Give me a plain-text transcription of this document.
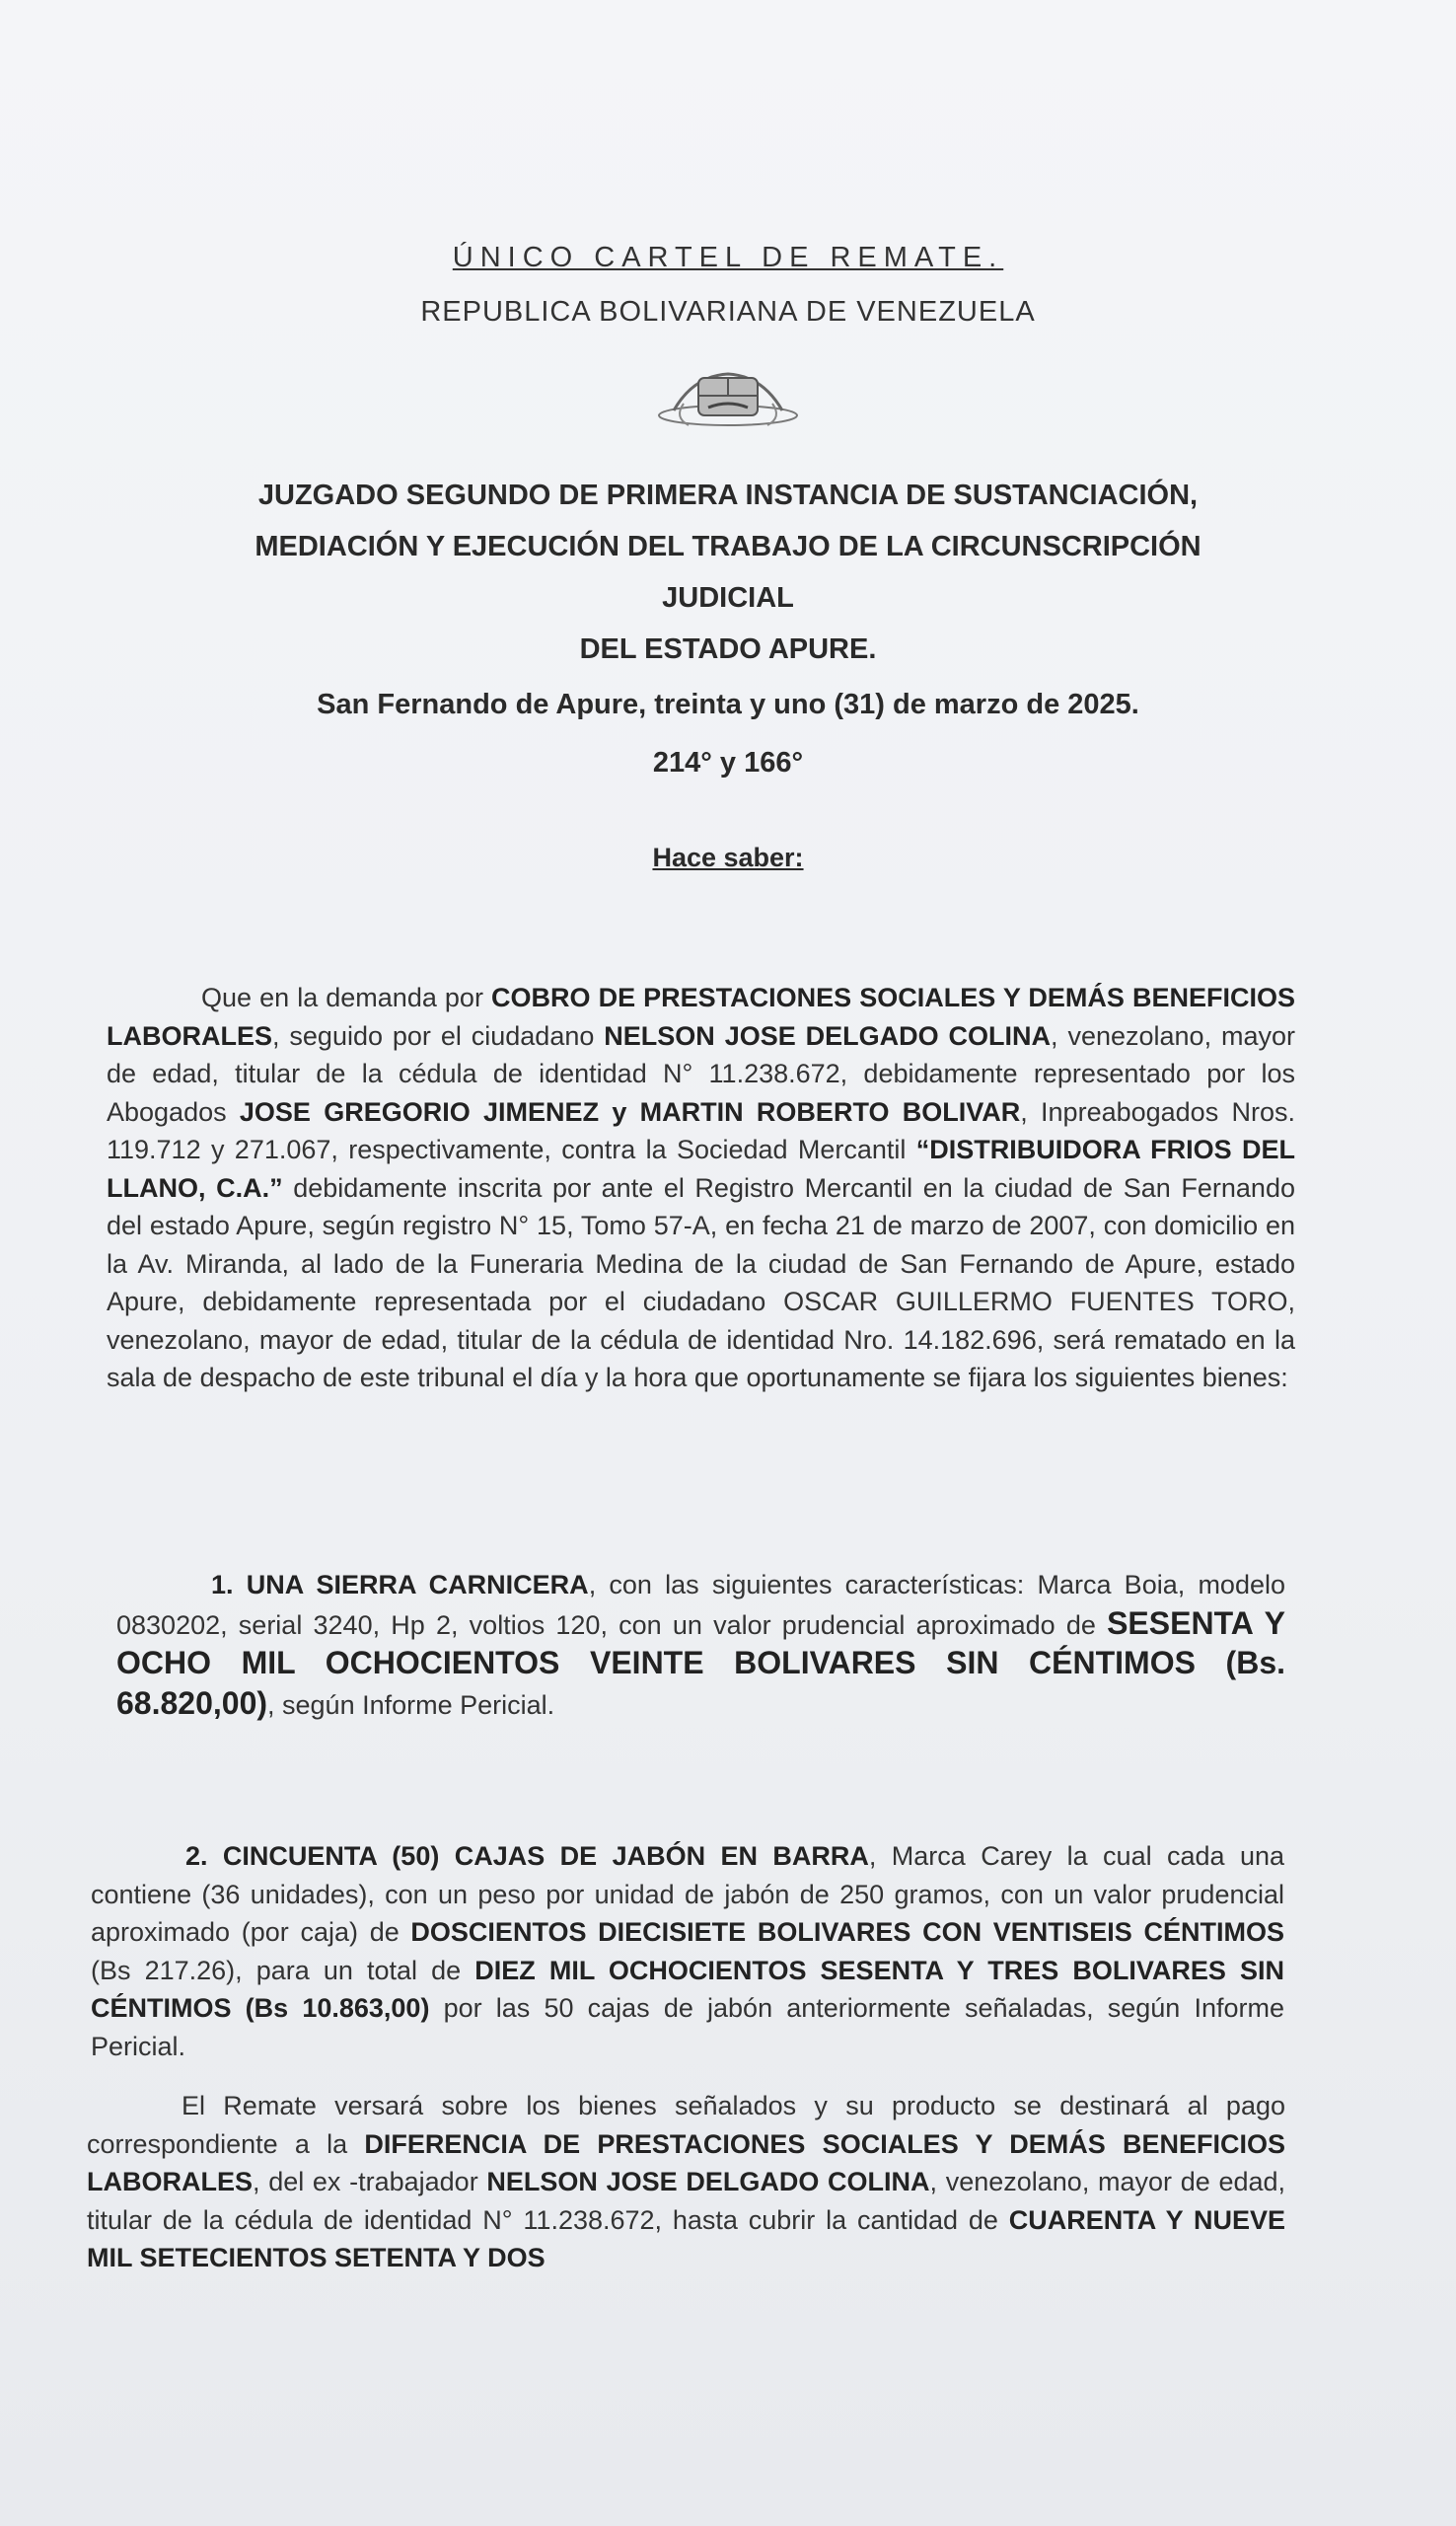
ÚNICO CARTEL DE REMATE.
REPUBLICA BOLIVARIANA DE VENEZUELA
JUZGADO SEGUNDO DE PRIMERA INSTANCIA DE SUSTANCIACIÓN,
MEDIACIÓN Y EJECUCIÓN DEL TRABAJO DE LA CIRCUNSCRIPCIÓN
JUDICIAL
DEL ESTADO APURE.
San Fernando de Apure, treinta y uno (31) de marzo de 2025.
214° y 166°
Hace saber:

Que en la demanda por COBRO DE PRESTACIONES SOCIALES Y DEMÁS BENEFICIOS LABORALES, seguido por el ciudadano NELSON JOSE DELGADO COLINA, venezolano, mayor de edad, titular de la cédula de identidad N° 11.238.672, debidamente representado por los Abogados JOSE GREGORIO JIMENEZ y MARTIN ROBERTO BOLIVAR, Inpreabogados Nros. 119.712 y 271.067, respectivamente, contra la Sociedad Mercantil “DISTRIBUIDORA FRIOS DEL LLANO, C.A.” debidamente inscrita por ante el Registro Mercantil en la ciudad de San Fernando del estado Apure, según registro N° 15, Tomo 57-A, en fecha 21 de marzo de 2007, con domicilio en la Av. Miranda, al lado de la Funeraria Medina de la ciudad de San Fernando de Apure, estado Apure, debidamente representada por el ciudadano OSCAR GUILLERMO FUENTES TORO, venezolano, mayor de edad, titular de la cédula de identidad Nro. 14.182.696, será rematado en la sala de despacho de este tribunal el día y la hora que oportunamente se fijara los siguientes bienes:

1. UNA SIERRA CARNICERA, con las siguientes características: Marca Boia, modelo 0830202, serial 3240, Hp 2, voltios 120, con un valor prudencial aproximado de SESENTA Y OCHO MIL OCHOCIENTOS VEINTE BOLIVARES SIN CÉNTIMOS (Bs. 68.820,00), según Informe Pericial.

2. CINCUENTA (50) CAJAS DE JABÓN EN BARRA, Marca Carey la cual cada una contiene (36 unidades), con un peso por unidad de jabón de 250 gramos, con un valor prudencial aproximado (por caja) de DOSCIENTOS DIECISIETE BOLIVARES CON VENTISEIS CÉNTIMOS (Bs 217.26), para un total de DIEZ MIL OCHOCIENTOS SESENTA Y TRES BOLIVARES SIN CÉNTIMOS (Bs 10.863,00) por las 50 cajas de jabón anteriormente señaladas, según Informe Pericial.

El Remate versará sobre los bienes señalados y su producto se destinará al pago correspondiente a la DIFERENCIA DE PRESTACIONES SOCIALES Y DEMÁS BENEFICIOS LABORALES, del ex -trabajador NELSON JOSE DELGADO COLINA, venezolano, mayor de edad, titular de la cédula de identidad N° 11.238.672, hasta cubrir la cantidad de CUARENTA Y NUEVE MIL SETECIENTOS SETENTA Y DOS
